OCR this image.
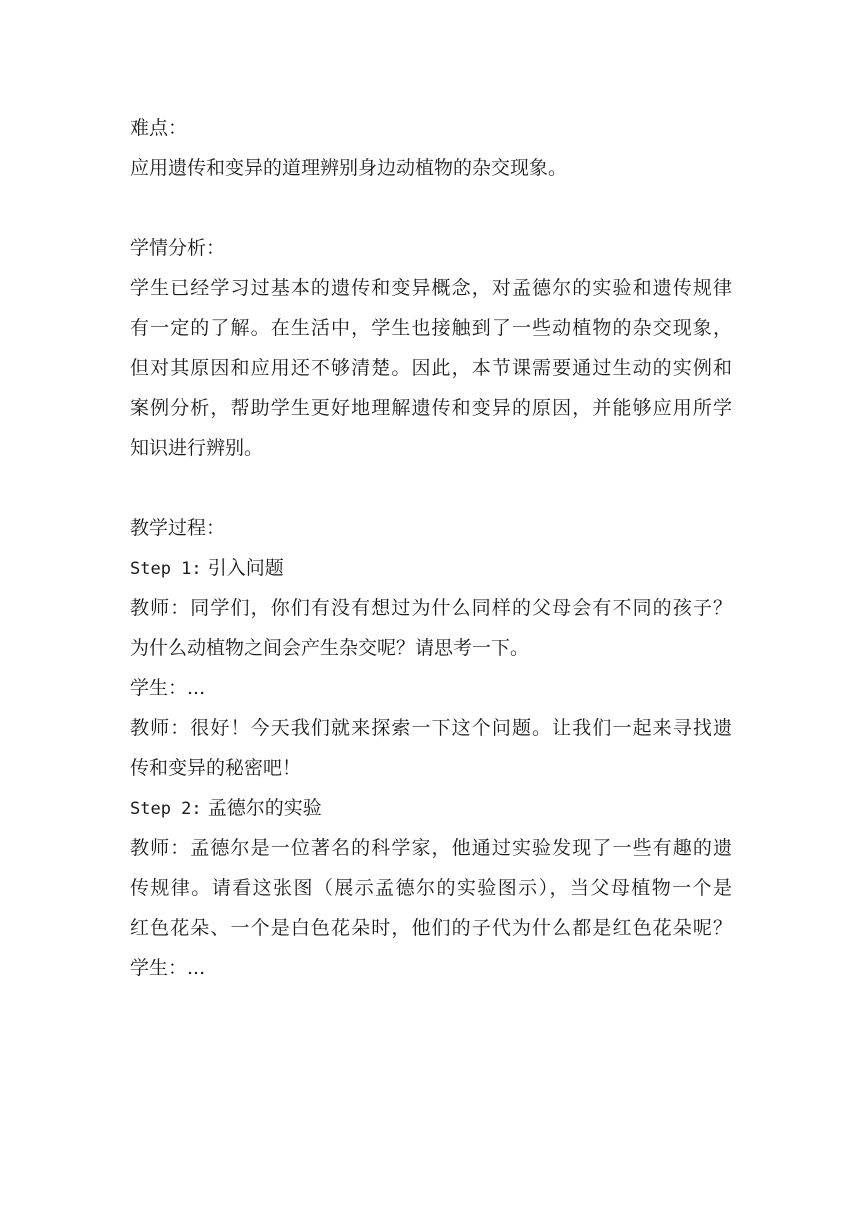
难点：

应用遗传和变异的道理辨别身边动植物的杂交现象。

学情分析：

学生已经学习过基本的遗传和变异概念，对孟德尔的实验和遗传规律

有一定的了解。在生活中，学生也接触到了一些动植物的杂交现象，

但对其原因和应用还不够清楚。因此，本节课需要通过生动的实例和

案例分析，帮助学生更好地理解遗传和变异的原因，并能够应用所学

知识进行辨别。

教学过程：

Step 1: 引入问题

教师：同学们，你们有没有想过为什么同样的父母会有不同的孩子？

为什么动植物之间会产生杂交呢？请思考一下。

学生：...

教师：很好！今天我们就来探索一下这个问题。让我们一起来寻找遗

传和变异的秘密吧！

Step 2: 孟德尔的实验

教师：孟德尔是一位著名的科学家，他通过实验发现了一些有趣的遗

传规律。请看这张图（展示孟德尔的实验图示），当父母植物一个是

红色花朵、一个是白色花朵时，他们的子代为什么都是红色花朵呢？

学生：...
